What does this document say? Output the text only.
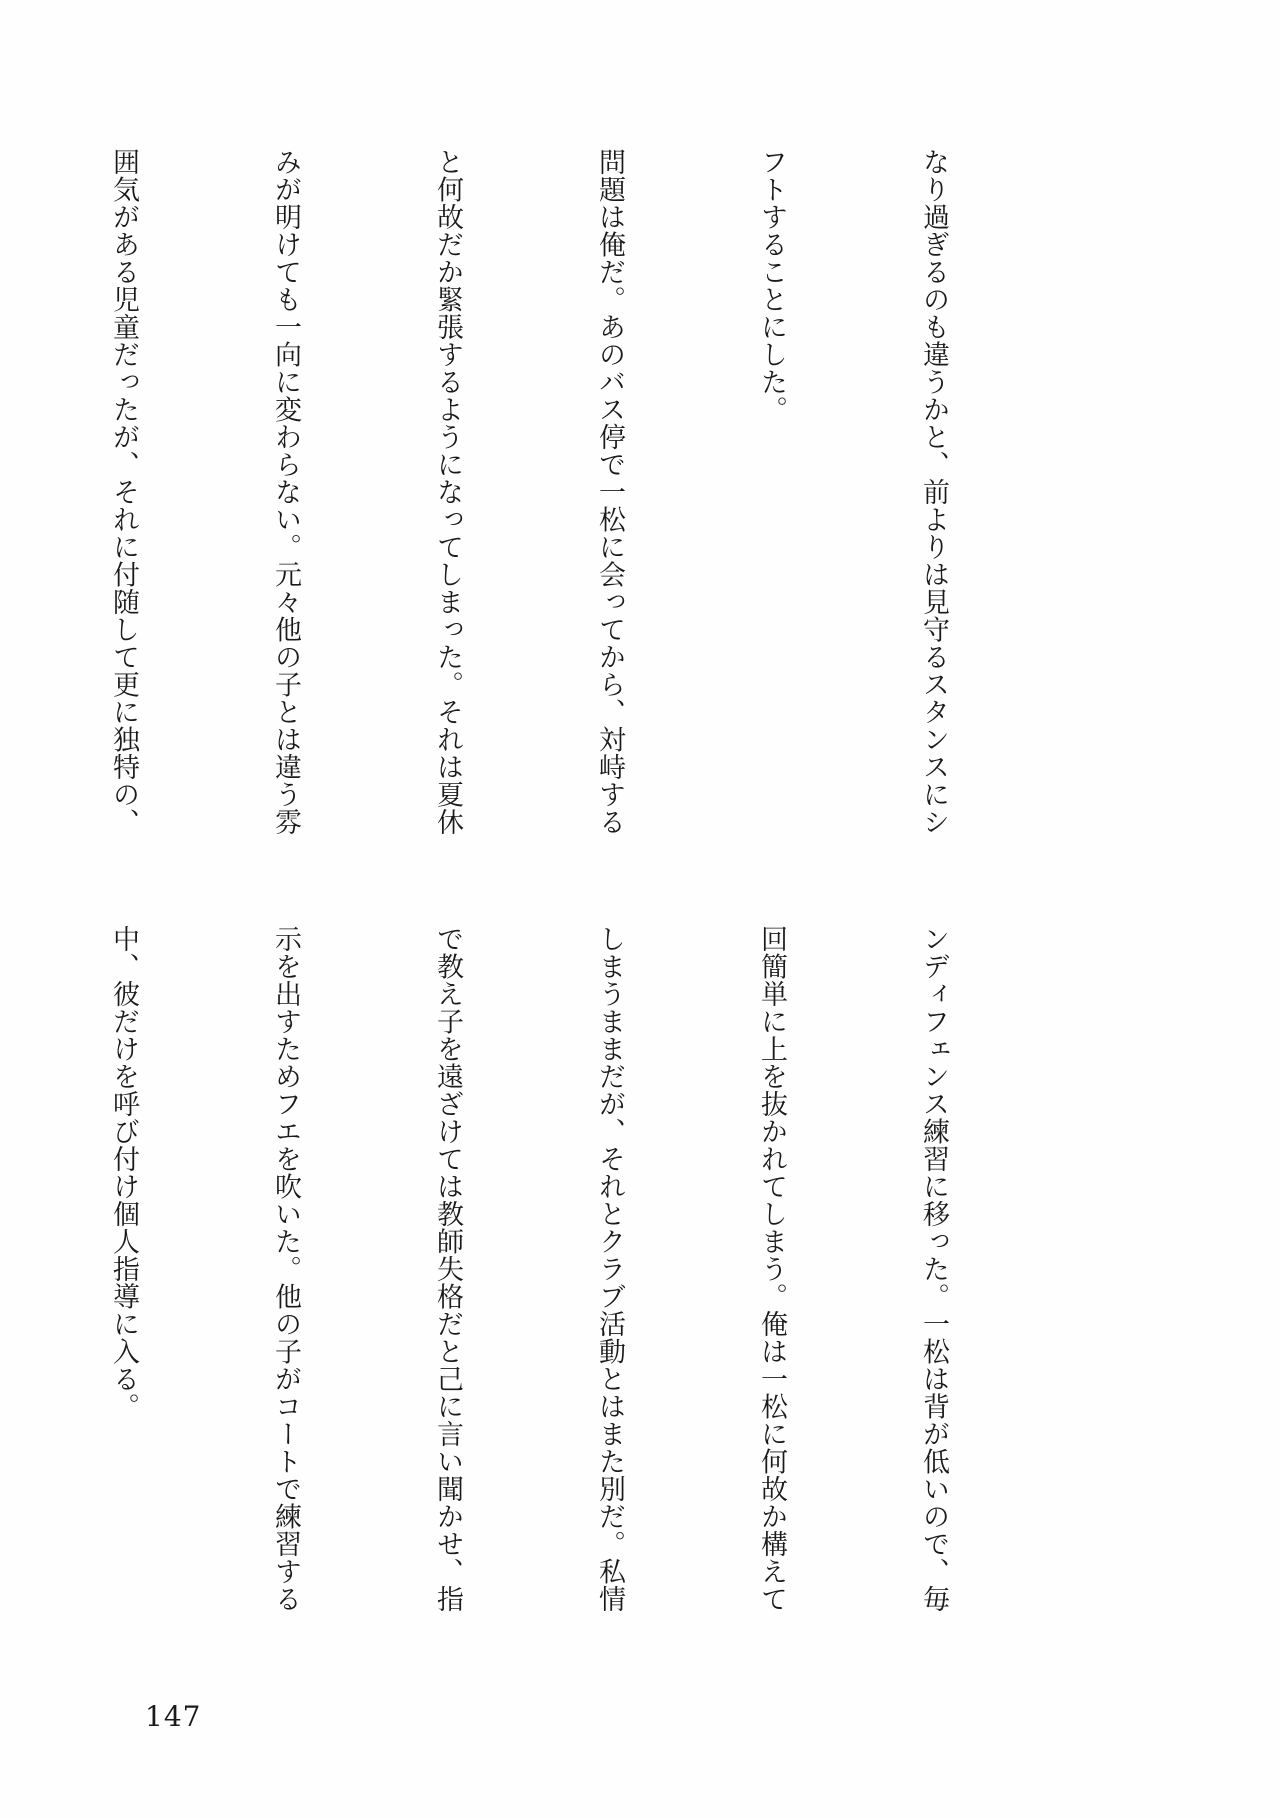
なり過ぎるのも違うかと、前よりは見守るスタンスにシ

フトすることにした。

問題は俺だ。あのバス停で一松に会ってから、対峙する

と何故だか緊張するようになってしまった。それは夏休

みが明けても一向に変わらない。元々他の子とは違う雰

囲気がある児童だったが、それに付随して更に独特の、

ンディフェンス練習に移った。一松は背が低いので、毎

回簡単に上を抜かれてしまう。俺は一松に何故か構えて

しまうままだが、それとクラブ活動とはまた別だ。私情

で教え子を遠ざけては教師失格だと己に言い聞かせ、指

示を出すためフエを吹いた。他の子がコートで練習する

中、彼だけを呼び付け個人指導に入る。

147
